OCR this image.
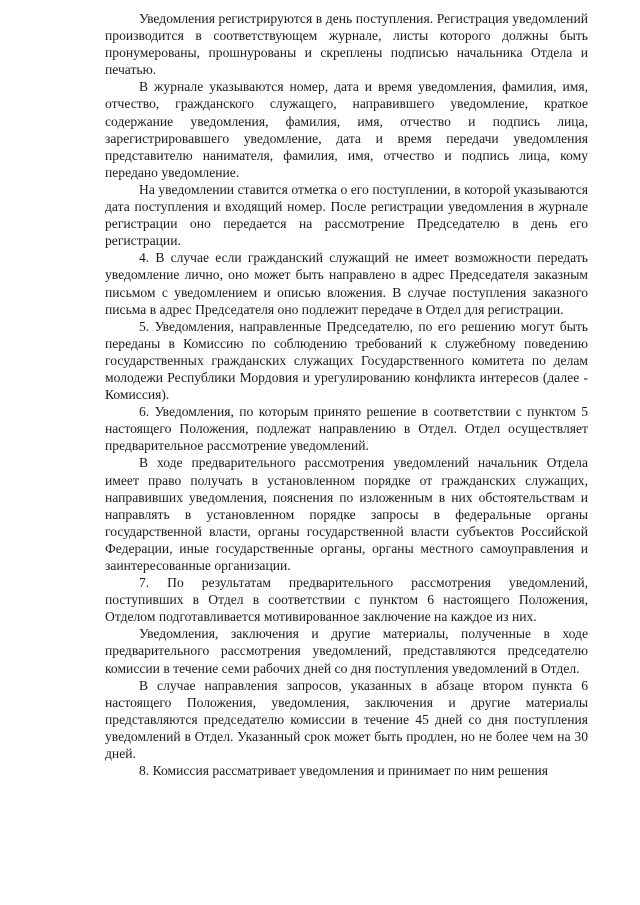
Уведомления регистрируются в день поступления. Регистрация уведомлений производится в соответствующем журнале, листы которого должны быть пронумерованы, прошнурованы и скреплены подписью начальника Отдела и печатью.

В журнале указываются номер, дата и время уведомления, фамилия, имя, отчество, гражданского служащего, направившего уведомление, краткое содержание уведомления, фамилия, имя, отчество и подпись лица, зарегистрировавшего уведомление, дата и время передачи уведомления представителю нанимателя, фамилия, имя, отчество и подпись лица, кому передано уведомление.

На уведомлении ставится отметка о его поступлении, в которой указываются дата поступления и входящий номер. После регистрации уведомления в журнале регистрации оно передается на рассмотрение Председателю в день его регистрации.

4. В случае если гражданский служащий не имеет возможности передать уведомление лично, оно может быть направлено в адрес Председателя заказным письмом с уведомлением и описью вложения. В случае поступления заказного письма в адрес Председателя оно подлежит передаче в Отдел для регистрации.

5. Уведомления, направленные Председателю, по его решению могут быть переданы в Комиссию по соблюдению требований к служебному поведению государственных гражданских служащих Государственного комитета по делам молодежи Республики Мордовия и урегулированию конфликта интересов (далее - Комиссия).

6. Уведомления, по которым принято решение в соответствии с пунктом 5 настоящего Положения, подлежат направлению в Отдел. Отдел осуществляет предварительное рассмотрение уведомлений.

В ходе предварительного рассмотрения уведомлений начальник Отдела имеет право получать в установленном порядке от гражданских служащих, направивших уведомления, пояснения по изложенным в них обстоятельствам и направлять в установленном порядке запросы в федеральные органы государственной власти, органы государственной власти субъектов Российской Федерации, иные государственные органы, органы местного самоуправления и заинтересованные организации.

7. По результатам предварительного рассмотрения уведомлений, поступивших в Отдел в соответствии с пунктом 6 настоящего Положения, Отделом подготавливается мотивированное заключение на каждое из них.

Уведомления, заключения и другие материалы, полученные в ходе предварительного рассмотрения уведомлений, представляются председателю комиссии в течение семи рабочих дней со дня поступления уведомлений в Отдел.

В случае направления запросов, указанных в абзаце втором пункта 6 настоящего Положения, уведомления, заключения и другие материалы представляются председателю комиссии в течение 45 дней со дня поступления уведомлений в Отдел. Указанный срок может быть продлен, но не более чем на 30 дней.

8. Комиссия рассматривает уведомления и принимает по ним решения
